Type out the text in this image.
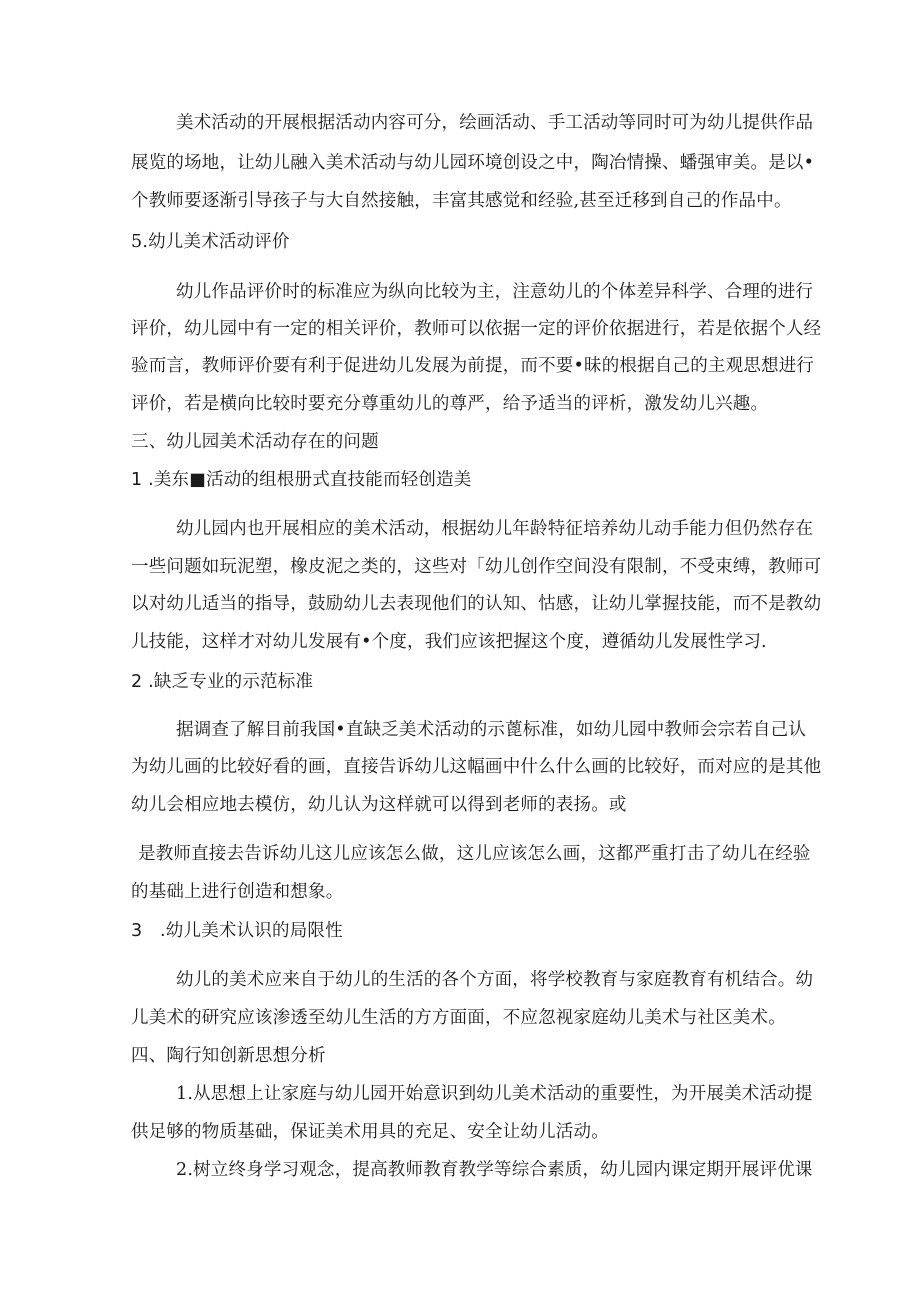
美术活动的开展根据活动内容可分，绘画活动、手工活动等同时可为幼儿提供作品
展览的场地，让幼儿融入美术活动与幼儿园环境创设之中，陶冶情操、蟠强审美。是以•
个教师要逐渐引导孩子与大自然接触，丰富其感觉和经验,甚至迁移到自己的作品中。
5.幼儿美术活动评价
幼儿作品评价时的标准应为纵向比较为主，注意幼儿的个体差异科学、合理的进行
评价，幼儿园中有一定的相关评价，教师可以依据一定的评价依据进行，若是依据个人经
验而言，教师评价要有利于促进幼儿发展为前提，而不要•昧的根据自己的主观思想进行
评价，若是横向比较时要充分尊重幼儿的尊严，给予适当的评析，激发幼儿兴趣。
三、幼儿园美术活动存在的问题
1 .美东■活动的组根册式直技能而轻创造美
幼儿园内也开展相应的美术活动，根据幼儿年龄特征培养幼儿动手能力但仍然存在
一些问题如玩泥塑，橡皮泥之类的，这些对「幼儿创作空间没有限制，不受束缚，教师可
以对幼儿适当的指导，鼓励幼儿去表现他们的认知、怙感，让幼儿掌握技能，而不是教幼
儿技能，这样才对幼儿发展有•个度，我们应该把握这个度，遵循幼儿发展性学习.
2 .缺乏专业的示范标准
据调查了解目前我国•直缺乏美术活动的示蓖标准，如幼儿园中教师会宗若自己认
为幼儿画的比较好看的画，直接告诉幼儿这幅画中什么什么画的比较好，而对应的是其他
幼儿会相应地去模仿，幼儿认为这样就可以得到老师的表扬。或
是教师直接去告诉幼儿这儿应该怎么做，这儿应该怎么画，这都严重打击了幼儿在经验
的基础上进行创造和想象。
3　.幼儿美术认识的局限性
幼儿的美术应来自于幼儿的生活的各个方面，将学校教育与家庭教育有机结合。幼
儿美术的研究应该渗透至幼儿生活的方方面面，不应忽视家庭幼儿美术与社区美术。
四、陶行知创新思想分析
1.从思想上让家庭与幼儿园开始意识到幼儿美术活动的重要性，为开展美术活动提
供足够的物质基础，保证美术用具的充足、安全让幼儿活动。
2.树立终身学习观念，提高教师教育教学等综合素质，幼儿园内课定期开展评优课
